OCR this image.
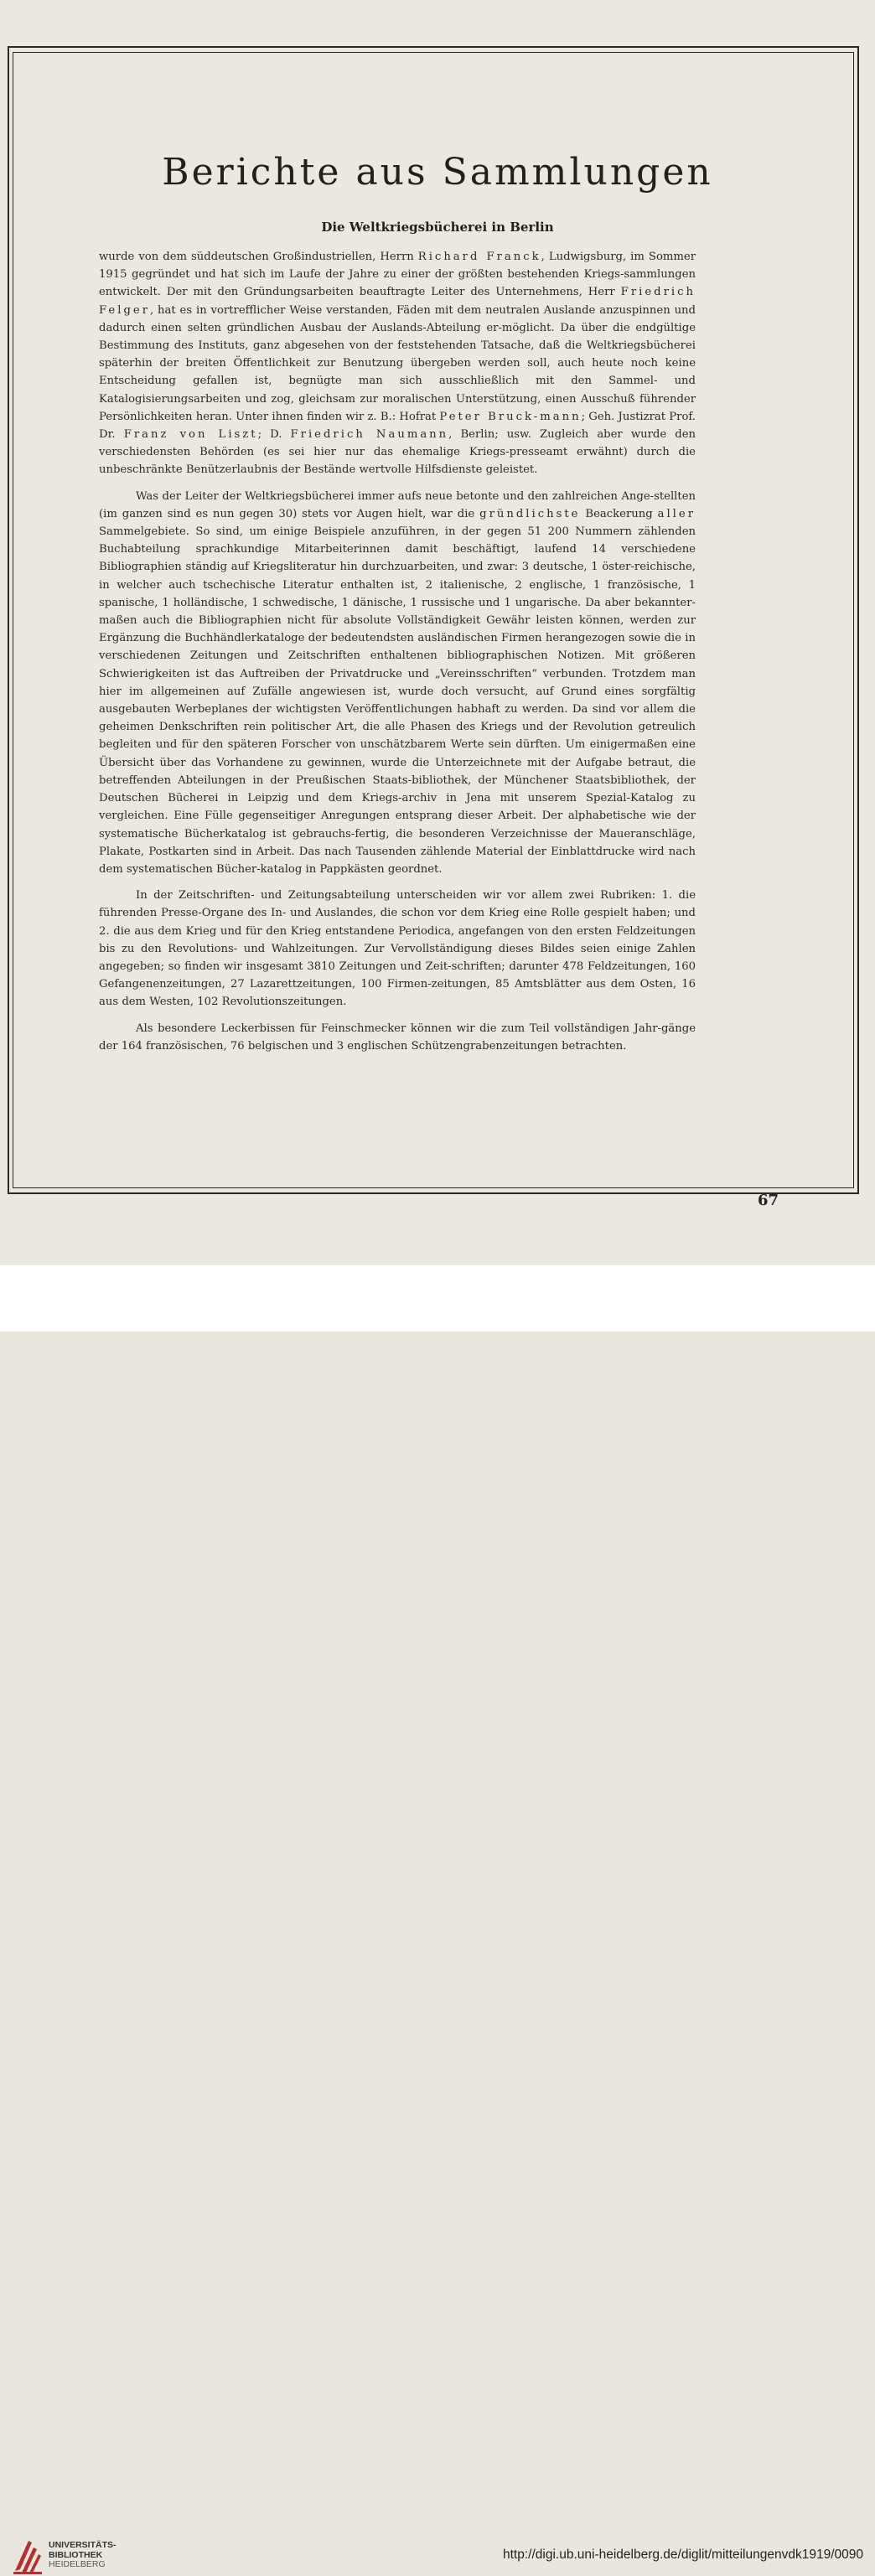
Berichte aus Sammlungen
Die Weltkriegsbücherei in Berlin

wurde von dem süddeutschen Großindustriellen, Herrn Richard Franck, Ludwigsburg, im Sommer 1915 gegründet und hat sich im Laufe der Jahre zu einer der größten bestehenden Kriegs-sammlungen entwickelt. Der mit den Gründungsarbeiten beauftragte Leiter des Unternehmens, Herr Friedrich Felger, hat es in vortrefflicher Weise verstanden, Fäden mit dem neutralen Auslande anzuspinnen und dadurch einen selten gründlichen Ausbau der Auslands-Abteilung er-möglicht. Da über die endgültige Bestimmung des Instituts, ganz abgesehen von der feststehenden Tatsache, daß die Weltkriegsbücherei späterhin der breiten Öffentlichkeit zur Benutzung übergeben werden soll, auch heute noch keine Entscheidung gefallen ist, begnügte man sich ausschließlich mit den Sammel- und Katalogisierungsarbeiten und zog, gleichsam zur moralischen Unterstützung, einen Ausschuß führender Persönlichkeiten heran. Unter ihnen finden wir z. B.: Hofrat Peter Bruck-mann; Geh. Justizrat Prof. Dr. Franz von Liszt; D. Friedrich Naumann, Berlin; usw. Zugleich aber wurde den verschiedensten Behörden (es sei hier nur das ehemalige Kriegs-presseamt erwähnt) durch die unbeschränkte Benützerlaubnis der Bestände wertvolle Hilfsdienste geleistet.

Was der Leiter der Weltkriegsbücherei immer aufs neue betonte und den zahlreichen Ange-stellten (im ganzen sind es nun gegen 30) stets vor Augen hielt, war die gründlichste Beackerung aller Sammelgebiete. So sind, um einige Beispiele anzuführen, in der gegen 51 200 Nummern zählenden Buchabteilung sprachkundige Mitarbeiterinnen damit beschäftigt, laufend 14 verschiedene Bibliographien ständig auf Kriegsliteratur hin durchzuarbeiten, und zwar: 3 deutsche, 1 öster-reichische, in welcher auch tschechische Literatur enthalten ist, 2 italienische, 2 englische, 1 französische, 1 spanische, 1 holländische, 1 schwedische, 1 dänische, 1 russische und 1 ungarische. Da aber bekannter-maßen auch die Bibliographien nicht für absolute Vollständigkeit Gewähr leisten können, werden zur Ergänzung die Buchhändlerkataloge der bedeutendsten ausländischen Firmen herangezogen sowie die in verschiedenen Zeitungen und Zeitschriften enthaltenen bibliographischen Notizen. Mit größeren Schwierigkeiten ist das Auftreiben der Privatdrucke und „Vereinsschriften“ verbunden. Trotzdem man hier im allgemeinen auf Zufälle angewiesen ist, wurde doch versucht, auf Grund eines sorgfältig ausgebauten Werbeplanes der wichtigsten Veröffentlichungen habhaft zu werden. Da sind vor allem die geheimen Denkschriften rein politischer Art, die alle Phasen des Kriegs und der Revolution getreulich begleiten und für den späteren Forscher von unschätzbarem Werte sein dürften. Um einigermaßen eine Übersicht über das Vorhandene zu gewinnen, wurde die Unterzeichnete mit der Aufgabe betraut, die betreffenden Abteilungen in der Preußischen Staats-bibliothek, der Münchener Staatsbibliothek, der Deutschen Bücherei in Leipzig und dem Kriegs-archiv in Jena mit unserem Spezial-Katalog zu vergleichen. Eine Fülle gegenseitiger Anregungen entsprang dieser Arbeit. Der alphabetische wie der systematische Bücherkatalog ist gebrauchs-fertig, die besonderen Verzeichnisse der Maueranschläge, Plakate, Postkarten sind in Arbeit. Das nach Tausenden zählende Material der Einblattdrucke wird nach dem systematischen Bücher-katalog in Pappkästen geordnet.

In der Zeitschriften- und Zeitungsabteilung unterscheiden wir vor allem zwei Rubriken: 1. die führenden Presse-Organe des In- und Auslandes, die schon vor dem Krieg eine Rolle gespielt haben; und 2. die aus dem Krieg und für den Krieg entstandene Periodica, angefangen von den ersten Feldzeitungen bis zu den Revolutions- und Wahlzeitungen. Zur Vervollständigung dieses Bildes seien einige Zahlen angegeben; so finden wir insgesamt 3810 Zeitungen und Zeit-schriften; darunter 478 Feldzeitungen, 160 Gefangenenzeitungen, 27 Lazarettzeitungen, 100 Firmen-zeitungen, 85 Amtsblätter aus dem Osten, 16 aus dem Westen, 102 Revolutionszeitungen.

Als besondere Leckerbissen für Feinschmecker können wir die zum Teil vollständigen Jahr-gänge der 164 französischen, 76 belgischen und 3 englischen Schützengrabenzeitungen betrachten.

67
UNIVERSITÄTS-
BIBLIOTHEK
HEIDELBERG
http://digi.ub.uni-heidelberg.de/diglit/mitteilungenvdk1919/0090
